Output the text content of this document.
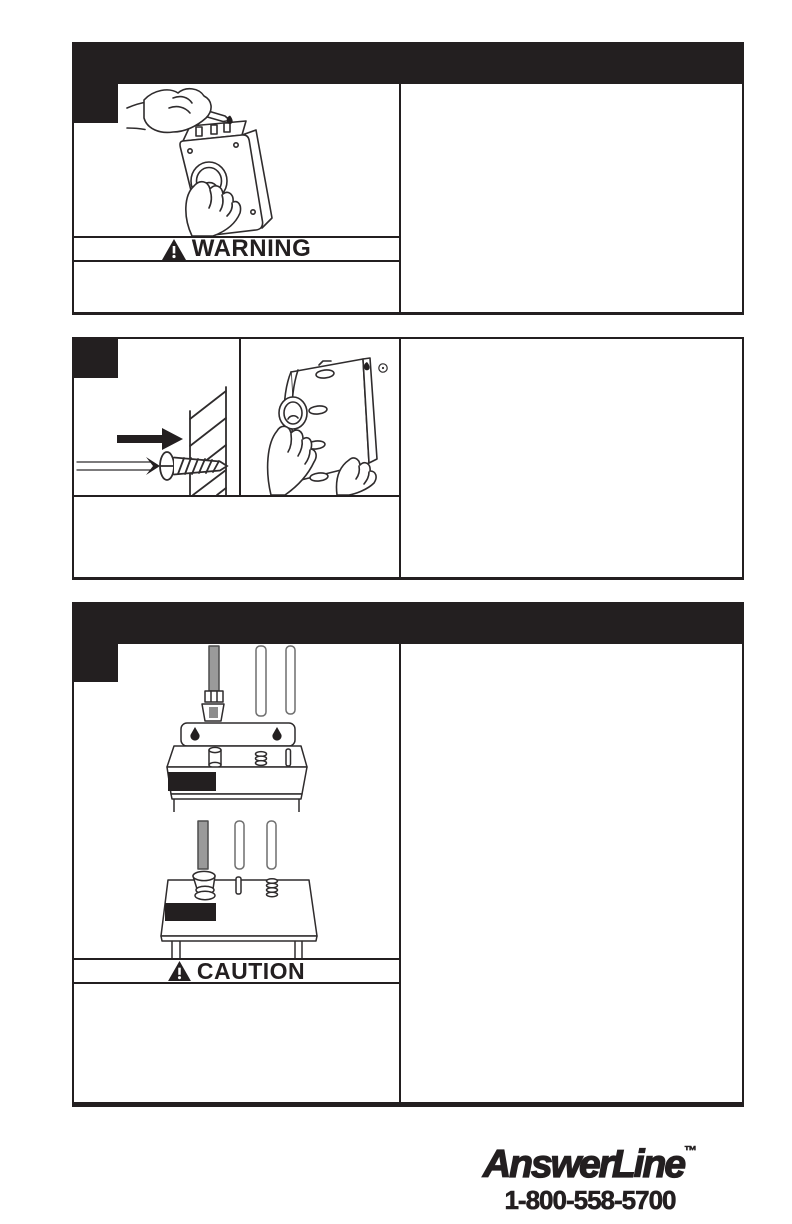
WARNING
CAUTION
AnswerLine™
1-800-558-5700
